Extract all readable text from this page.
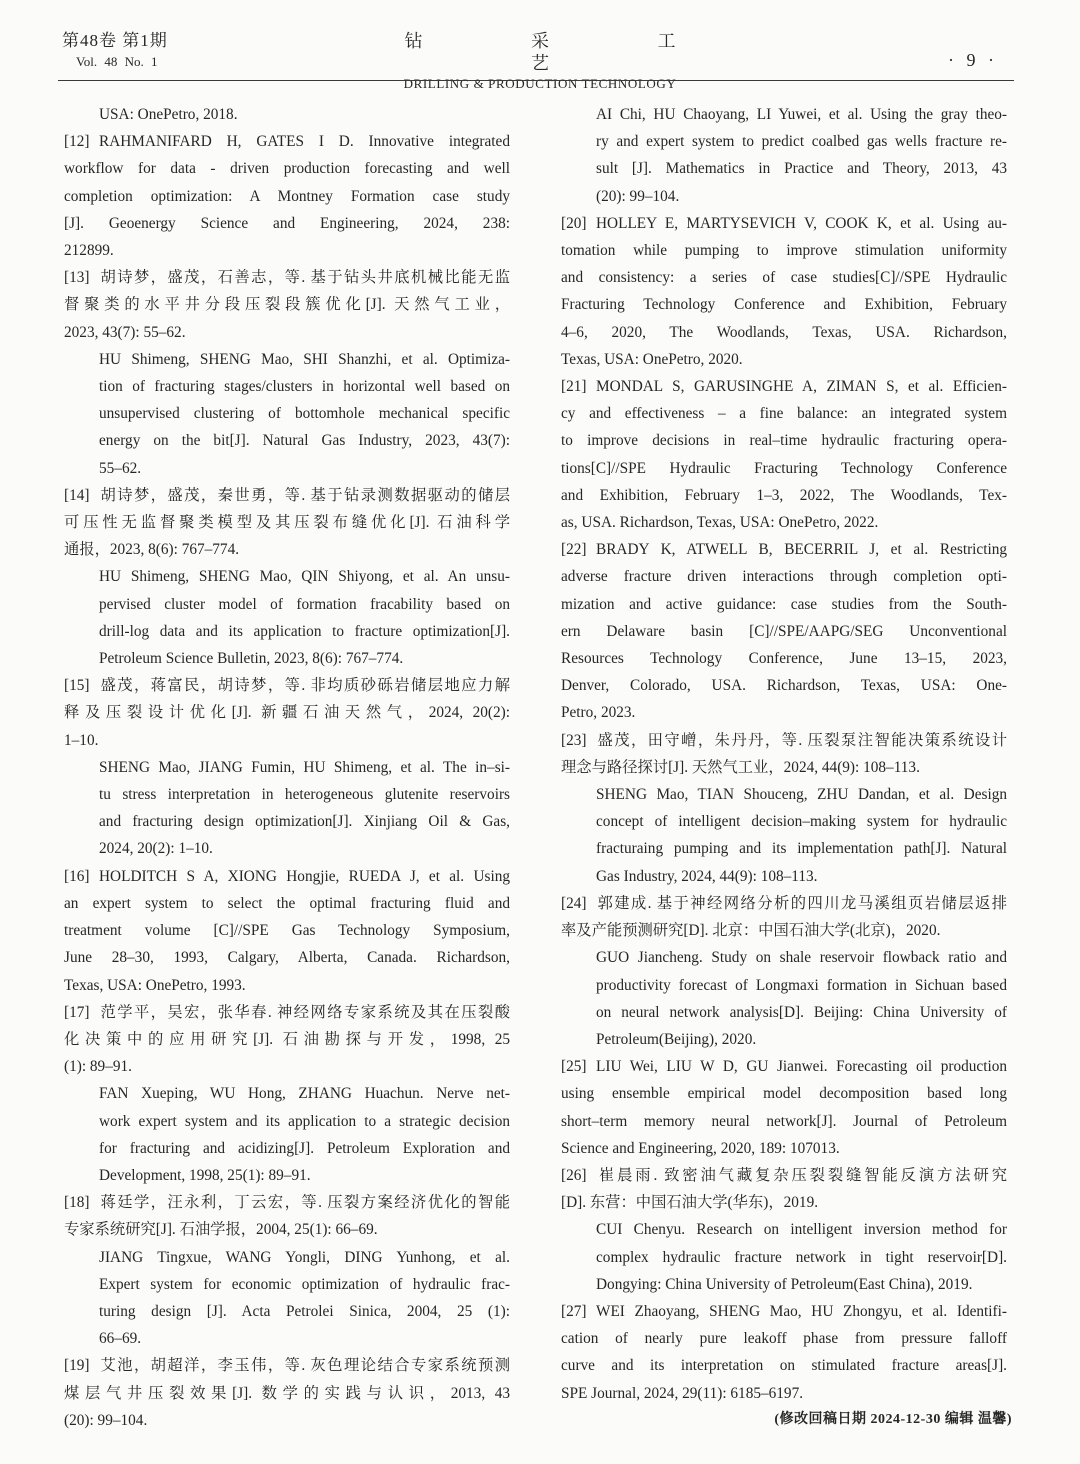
第48卷 第1期
Vol. 48 No. 1
钻 采 工 艺
DRILLING & PRODUCTION TECHNOLOGY
· 9 ·
USA: OnePetro, 2018.
[12] RAHMANIFARD H, GATES I D. Innovative integrated
workflow for data - driven production forecasting and well
completion optimization: A Montney Formation case study
[J]. Geoenergy Science and Engineering, 2024, 238:
212899.
[13] 胡诗梦，盛茂，石善志，等. 基于钻头井底机械比能无监
督聚类的水平井分段压裂段簇优化[J]. 天然气工业，
2023, 43(7): 55–62.
HU Shimeng, SHENG Mao, SHI Shanzhi, et al. Optimiza-
tion of fracturing stages/clusters in horizontal well based on
unsupervised clustering of bottomhole mechanical specific
energy on the bit[J]. Natural Gas Industry, 2023, 43(7):
55–62.
[14] 胡诗梦，盛茂，秦世勇，等. 基于钻录测数据驱动的储层
可压性无监督聚类模型及其压裂布缝优化[J]. 石油科学
通报，2023, 8(6): 767–774.
HU Shimeng, SHENG Mao, QIN Shiyong, et al. An unsu-
pervised cluster model of formation fracability based on
drill-log data and its application to fracture optimization[J].
Petroleum Science Bulletin, 2023, 8(6): 767–774.
[15] 盛茂，蒋富民，胡诗梦，等. 非均质砂砾岩储层地应力解
释及压裂设计优化[J]. 新疆石油天然气，2024, 20(2):
1–10.
SHENG Mao, JIANG Fumin, HU Shimeng, et al. The in–si-
tu stress interpretation in heterogeneous glutenite reservoirs
and fracturing design optimization[J]. Xinjiang Oil & Gas,
2024, 20(2): 1–10.
[16] HOLDITCH S A, XIONG Hongjie, RUEDA J, et al. Using
an expert system to select the optimal fracturing fluid and
treatment volume [C]//SPE Gas Technology Symposium,
June 28–30, 1993, Calgary, Alberta, Canada. Richardson,
Texas, USA: OnePetro, 1993.
[17] 范学平，吴宏，张华春. 神经网络专家系统及其在压裂酸
化决策中的应用研究[J]. 石油勘探与开发，1998, 25
(1): 89–91.
FAN Xueping, WU Hong, ZHANG Huachun. Nerve net-
work expert system and its application to a strategic decision
for fracturing and acidizing[J]. Petroleum Exploration and
Development, 1998, 25(1): 89–91.
[18] 蒋廷学，汪永利，丁云宏，等. 压裂方案经济优化的智能
专家系统研究[J]. 石油学报，2004, 25(1): 66–69.
JIANG Tingxue, WANG Yongli, DING Yunhong, et al.
Expert system for economic optimization of hydraulic frac-
turing design [J]. Acta Petrolei Sinica, 2004, 25 (1):
66–69.
[19] 艾池，胡超洋，李玉伟，等. 灰色理论结合专家系统预测
煤层气井压裂效果[J]. 数学的实践与认识，2013, 43
(20): 99–104.
AI Chi, HU Chaoyang, LI Yuwei, et al. Using the gray theo-
ry and expert system to predict coalbed gas wells fracture re-
sult [J]. Mathematics in Practice and Theory, 2013, 43
(20): 99–104.
[20] HOLLEY E, MARTYSEVICH V, COOK K, et al. Using au-
tomation while pumping to improve stimulation uniformity
and consistency: a series of case studies[C]//SPE Hydraulic
Fracturing Technology Conference and Exhibition, February
4–6, 2020, The Woodlands, Texas, USA. Richardson,
Texas, USA: OnePetro, 2020.
[21] MONDAL S, GARUSINGHE A, ZIMAN S, et al. Efficien-
cy and effectiveness – a fine balance: an integrated system
to improve decisions in real–time hydraulic fracturing opera-
tions[C]//SPE Hydraulic Fracturing Technology Conference
and Exhibition, February 1–3, 2022, The Woodlands, Tex-
as, USA. Richardson, Texas, USA: OnePetro, 2022.
[22] BRADY K, ATWELL B, BECERRIL J, et al. Restricting
adverse fracture driven interactions through completion opti-
mization and active guidance: case studies from the South-
ern Delaware basin [C]//SPE/AAPG/SEG Unconventional
Resources Technology Conference, June 13–15, 2023,
Denver, Colorado, USA. Richardson, Texas, USA: One-
Petro, 2023.
[23] 盛茂，田守嶒，朱丹丹，等. 压裂泵注智能决策系统设计
理念与路径探讨[J]. 天然气工业，2024, 44(9): 108–113.
SHENG Mao, TIAN Shouceng, ZHU Dandan, et al. Design
concept of intelligent decision–making system for hydraulic
fracturaing pumping and its implementation path[J]. Natural
Gas Industry, 2024, 44(9): 108–113.
[24] 郭建成. 基于神经网络分析的四川龙马溪组页岩储层返排
率及产能预测研究[D]. 北京：中国石油大学(北京)，2020.
GUO Jiancheng. Study on shale reservoir flowback ratio and
productivity forecast of Longmaxi formation in Sichuan based
on neural network analysis[D]. Beijing: China University of
Petroleum(Beijing), 2020.
[25] LIU Wei, LIU W D, GU Jianwei. Forecasting oil production
using ensemble empirical model decomposition based long
short–term memory neural network[J]. Journal of Petroleum
Science and Engineering, 2020, 189: 107013.
[26] 崔晨雨. 致密油气藏复杂压裂裂缝智能反演方法研究
[D]. 东营：中国石油大学(华东)，2019.
CUI Chenyu. Research on intelligent inversion method for
complex hydraulic fracture network in tight reservoir[D].
Dongying: China University of Petroleum(East China), 2019.
[27] WEI Zhaoyang, SHENG Mao, HU Zhongyu, et al. Identifi-
cation of nearly pure leakoff phase from pressure falloff
curve and its interpretation on stimulated fracture areas[J].
SPE Journal, 2024, 29(11): 6185–6197.
(修改回稿日期 2024-12-30 编辑 温馨)
